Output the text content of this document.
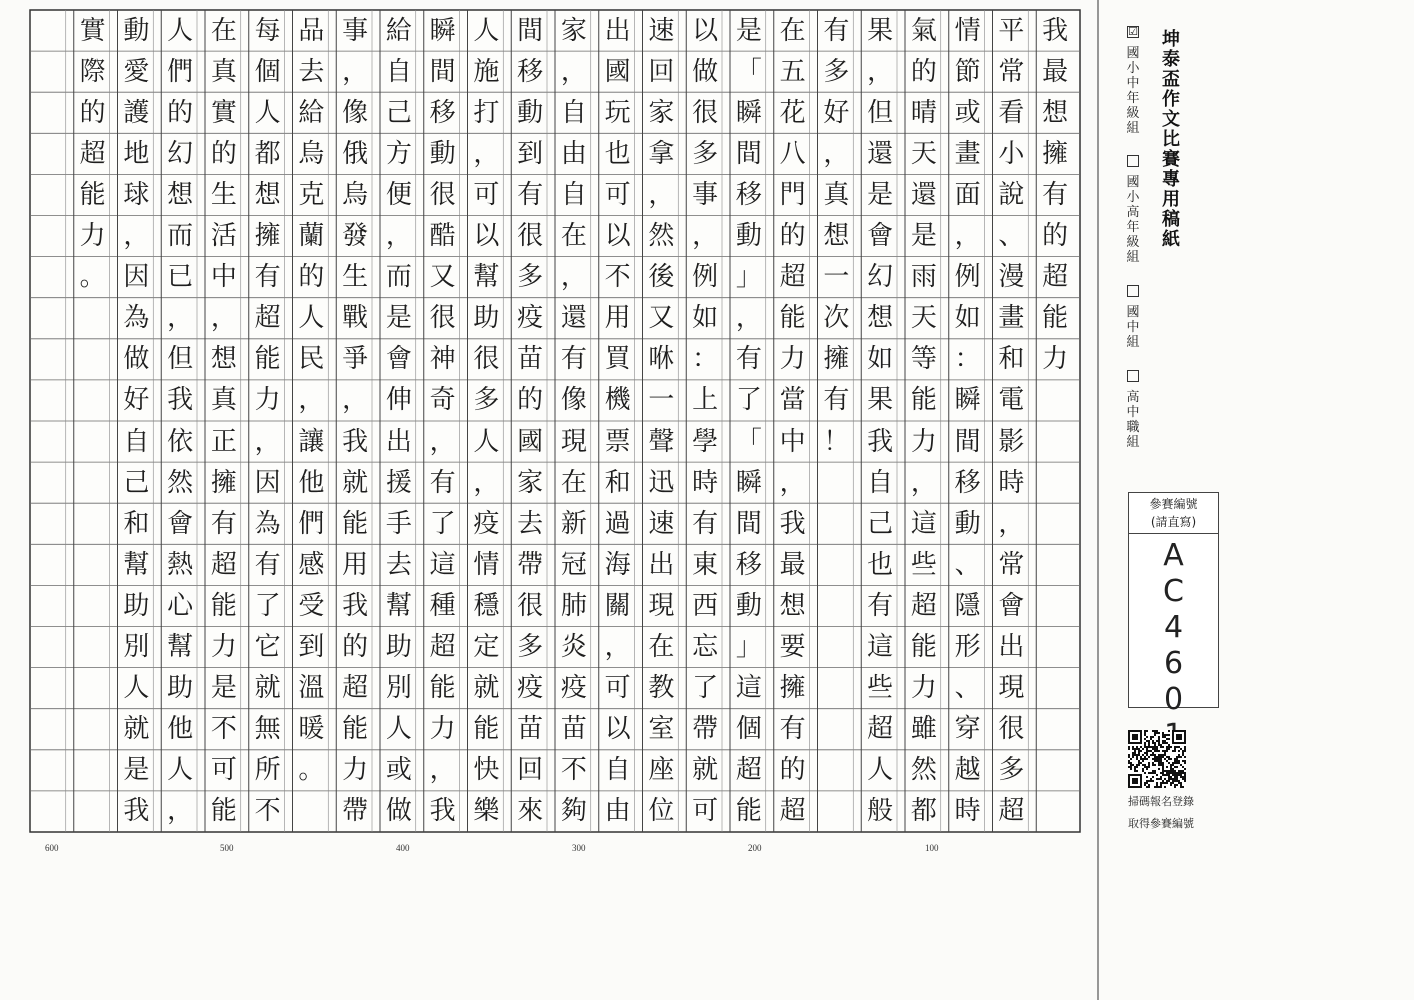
我
最
想
擁
有
的
超
能
力
平
常
看
小
說
、
漫
畫
和
電
影
時
，
常
會
出
現
很
多
超
情
節
或
畫
面
，
例
如
：
瞬
間
移
動
、
隱
形
、
穿
越
時
氣
的
晴
天
還
是
雨
天
等
能
力
，
這
些
超
能
力
雖
然
都
果
，
但
還
是
會
幻
想
如
果
我
自
己
也
有
這
些
超
人
般
有
多
好
，
真
想
一
次
擁
有
！
在
五
花
八
門
的
超
能
力
當
中
，
我
最
想
要
擁
有
的
超
是
「
瞬
間
移
動
」
，
有
了
「
瞬
間
移
動
」
這
個
超
能
以
做
很
多
事
，
例
如
：
上
學
時
有
東
西
忘
了
帶
就
可
速
回
家
拿
，
然
後
又
咻
一
聲
迅
速
出
現
在
教
室
座
位
出
國
玩
也
可
以
不
用
買
機
票
和
過
海
關
，
可
以
自
由
家
，
自
由
自
在
，
還
有
像
現
在
新
冠
肺
炎
疫
苗
不
夠
間
移
動
到
有
很
多
疫
苗
的
國
家
去
帶
很
多
疫
苗
回
來
人
施
打
，
可
以
幫
助
很
多
人
，
疫
情
穩
定
就
能
快
樂
瞬
間
移
動
很
酷
又
很
神
奇
，
有
了
這
種
超
能
力
，
我
給
自
己
方
便
，
而
是
會
伸
出
援
手
去
幫
助
別
人
或
做
事
，
像
俄
烏
發
生
戰
爭
，
我
就
能
用
我
的
超
能
力
帶
品
去
給
烏
克
蘭
的
人
民
，
讓
他
們
感
受
到
溫
暖
。
每
個
人
都
想
擁
有
超
能
力
，
因
為
有
了
它
就
無
所
不
在
真
實
的
生
活
中
，
想
真
正
擁
有
超
能
力
是
不
可
能
人
們
的
幻
想
而
已
，
但
我
依
然
會
熱
心
幫
助
他
人
，
動
愛
護
地
球
，
因
為
做
好
自
己
和
幫
助
別
人
就
是
我
實
際
的
超
能
力
。
100
200
300
400
500
600
坤
泰
盃
作
文
比
賽
專
用
稿
紙
☑
國
小
中
年
級
組
國
小
高
年
級
組
國
中
組
高
中
職
組
參賽編號
(請直寫)
A
C
4
6
0
掃碼報名登錄
取得參賽編號
